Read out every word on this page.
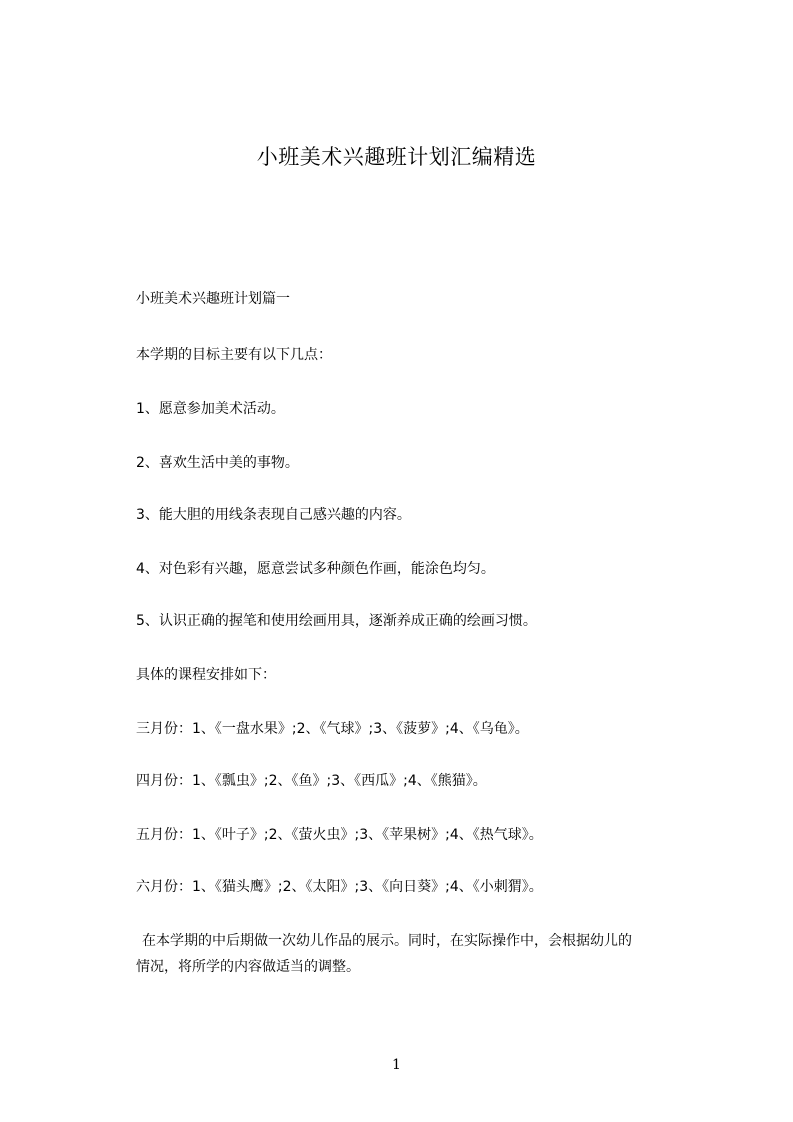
小班美术兴趣班计划汇编精选
小班美术兴趣班计划篇一
本学期的目标主要有以下几点：
1、愿意参加美术活动。
2、喜欢生活中美的事物。
3、能大胆的用线条表现自己感兴趣的内容。
4、对色彩有兴趣，愿意尝试多种颜色作画，能涂色均匀。
5、认识正确的握笔和使用绘画用具，逐渐养成正确的绘画习惯。
具体的课程安排如下：
三月份：1、《一盘水果》;2、《气球》;3、《菠萝》;4、《乌龟》。
四月份：1、《瓢虫》;2、《鱼》;3、《西瓜》;4、《熊猫》。
五月份：1、《叶子》;2、《萤火虫》;3、《苹果树》;4、《热气球》。
六月份：1、《猫头鹰》;2、《太阳》;3、《向日葵》;4、《小刺猬》。
在本学期的中后期做一次幼儿作品的展示。同时，在实际操作中，会根据幼儿的
情况，将所学的内容做适当的调整。
1
